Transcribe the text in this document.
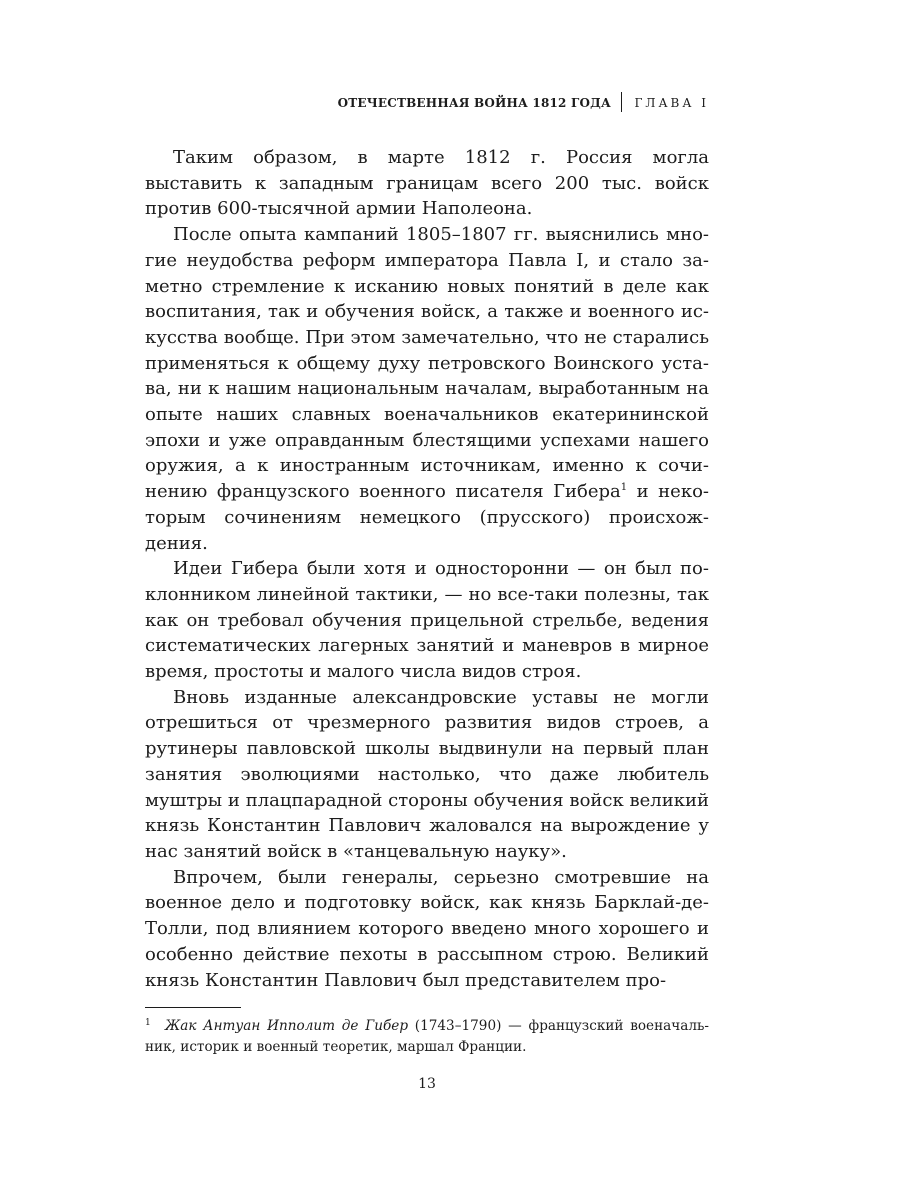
ОТЕЧЕСТВЕННАЯ ВОЙНА 1812 ГОДА ГЛАВА I

Таким образом, в марте 1812 г. Россия могла выставить к западным границам всего 200 тыс. войск против 600-тысячной армии Наполеона.

После опыта кампаний 1805–1807 гг. выяснились многие неудобства реформ императора Павла I, и стало заметно стремление к исканию новых понятий в деле как воспитания, так и обучения войск, а также и военного искусства вообще. При этом замечательно, что не старались применяться к общему духу петровского Воинского устава, ни к нашим национальным началам, выработанным на опыте наших славных военачальников екатерининской эпохи и уже оправданным блестящими успехами нашего оружия, а к иностранным источникам, именно к сочинению французского военного писателя Гибера$^1$ и некоторым сочинениям немецкого (прусского) происхождения.

Идеи Гибера были хотя и односторонни — он был поклонником линейной тактики, — но все-таки полезны, так как он требовал обучения прицельной стрельбе, ведения систематических лагерных занятий и маневров в мирное время, простоты и малого числа видов строя.

Вновь изданные александровские уставы не могли отрешиться от чрезмерного развития видов строев, а рутинеры павловской школы выдвинули на первый план занятия эволюциями настолько, что даже любитель муштры и плацпарадной стороны обучения войск великий князь Константин Павлович жаловался на вырождение у нас занятий войск в «танцевальную науку».

Впрочем, были генералы, серьезно смотревшие на военное дело и подготовку войск, как князь Барклай-де-Толли, под влиянием которого введено много хорошего и особенно действие пехоты в рассыпном строю. Великий князь Константин Павлович был представителем про-

1 Жак Антуан Ипполит де Гибер (1743–1790) — французский военачальник, историк и военный теоретик, маршал Франции.
13
